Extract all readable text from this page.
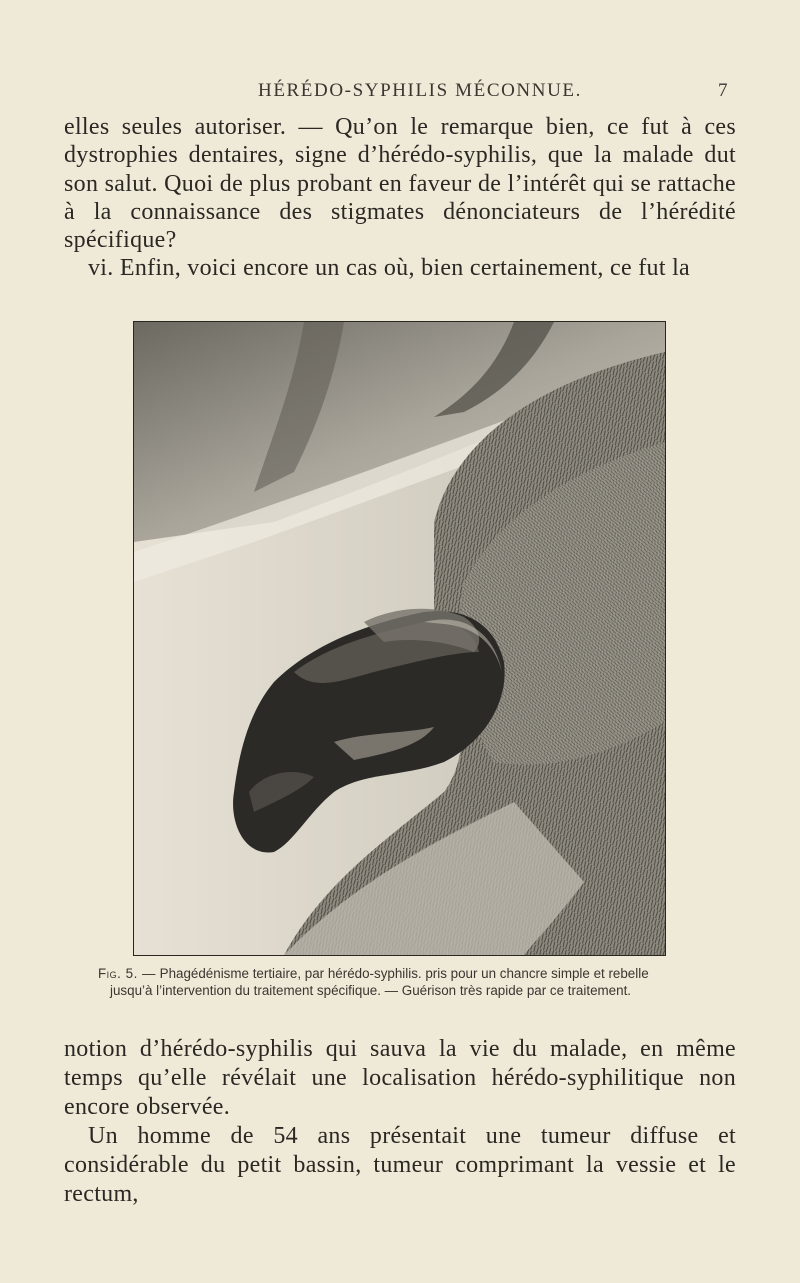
HÉRÉDO-SYPHILIS MÉCONNUE.	7

elles seules autoriser. — Qu’on le remarque bien, ce fut à ces dystrophies dentaires, signe d’hérédo-syphilis, que la malade dut son salut. Quoi de plus probant en faveur de l’intérêt qui se rattache à la connaissance des stigmates dénonciateurs de l’hérédité spécifique?

vi. Enfin, voici encore un cas où, bien certainement, ce fut la

Fig. 5. — Phagédénisme tertiaire, par hérédo-syphilis. pris pour un chancre simple et rebelle
jusqu’à l’intervention du traitement spécifique. — Guérison très rapide par ce traitement.

notion d’hérédo-syphilis qui sauva la vie du malade, en même temps qu’elle révélait une localisation hérédo-syphilitique non encore observée.

Un homme de 54 ans présentait une tumeur diffuse et considérable du petit bassin, tumeur comprimant la vessie et le rectum,
